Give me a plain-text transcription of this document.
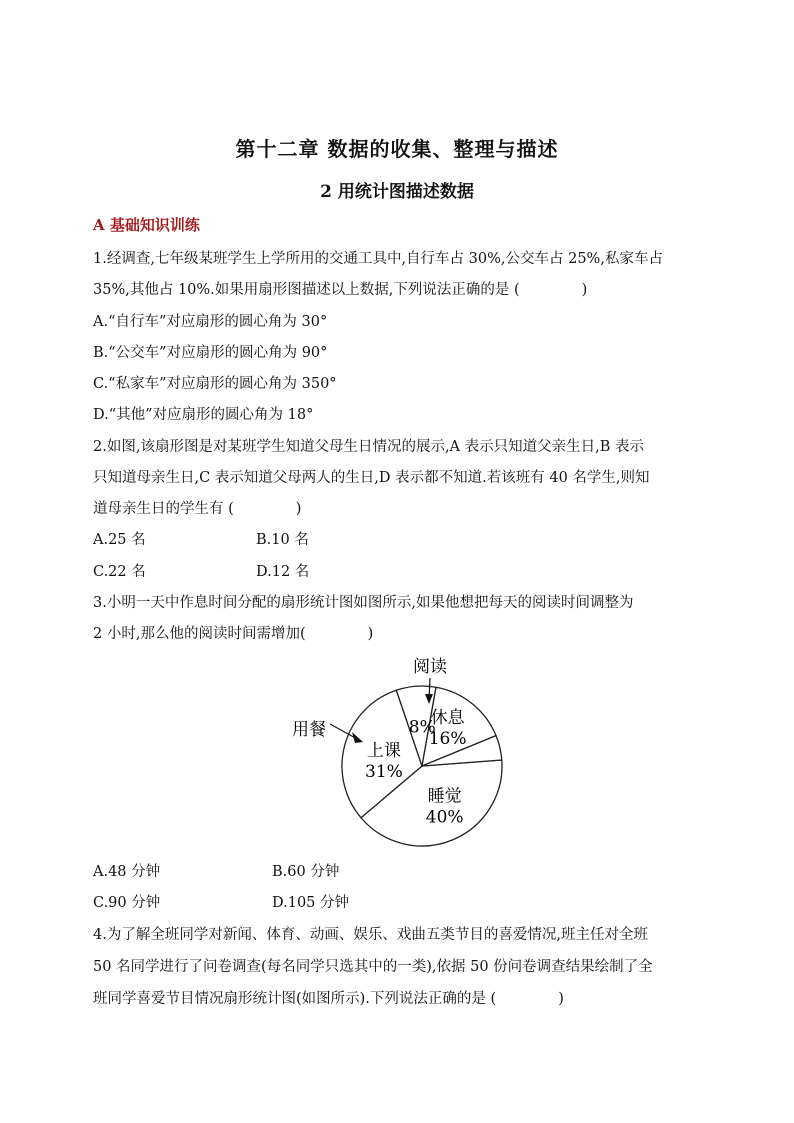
第十二章 数据的收集、整理与描述
2 用统计图描述数据
A 基础知识训练
1.经调查,七年级某班学生上学所用的交通工具中,自行车占 30%,公交车占 25%,私家车占
35%,其他占 10%.如果用扇形图描述以上数据,下列说法正确的是 (	)
A.“自行车”对应扇形的圆心角为 30°
B.“公交车”对应扇形的圆心角为 90°
C.“私家车”对应扇形的圆心角为 350°
D.“其他”对应扇形的圆心角为 18°
2.如图,该扇形图是对某班学生知道父母生日情况的展示,A 表示只知道父亲生日,B 表示
只知道母亲生日,C 表示知道父母两人的生日,D 表示都不知道.若该班有 40 名学生,则知
道母亲生日的学生有 (	)
A.25 名	B.10 名
C.22 名	D.12 名
3.小明一天中作息时间分配的扇形统计图如图所示,如果他想把每天的阅读时间调整为
2 小时,那么他的阅读时间需增加(	)
睡觉
40%
上课
31%
8%
休息
16%
用餐
阅读
A.48 分钟	B.60 分钟
C.90 分钟	D.105 分钟
4.为了解全班同学对新闻、体育、动画、娱乐、戏曲五类节目的喜爱情况,班主任对全班
50 名同学进行了问卷调查(每名同学只选其中的一类),依据 50 份问卷调查结果绘制了全
班同学喜爱节目情况扇形统计图(如图所示).下列说法正确的是 (	)
